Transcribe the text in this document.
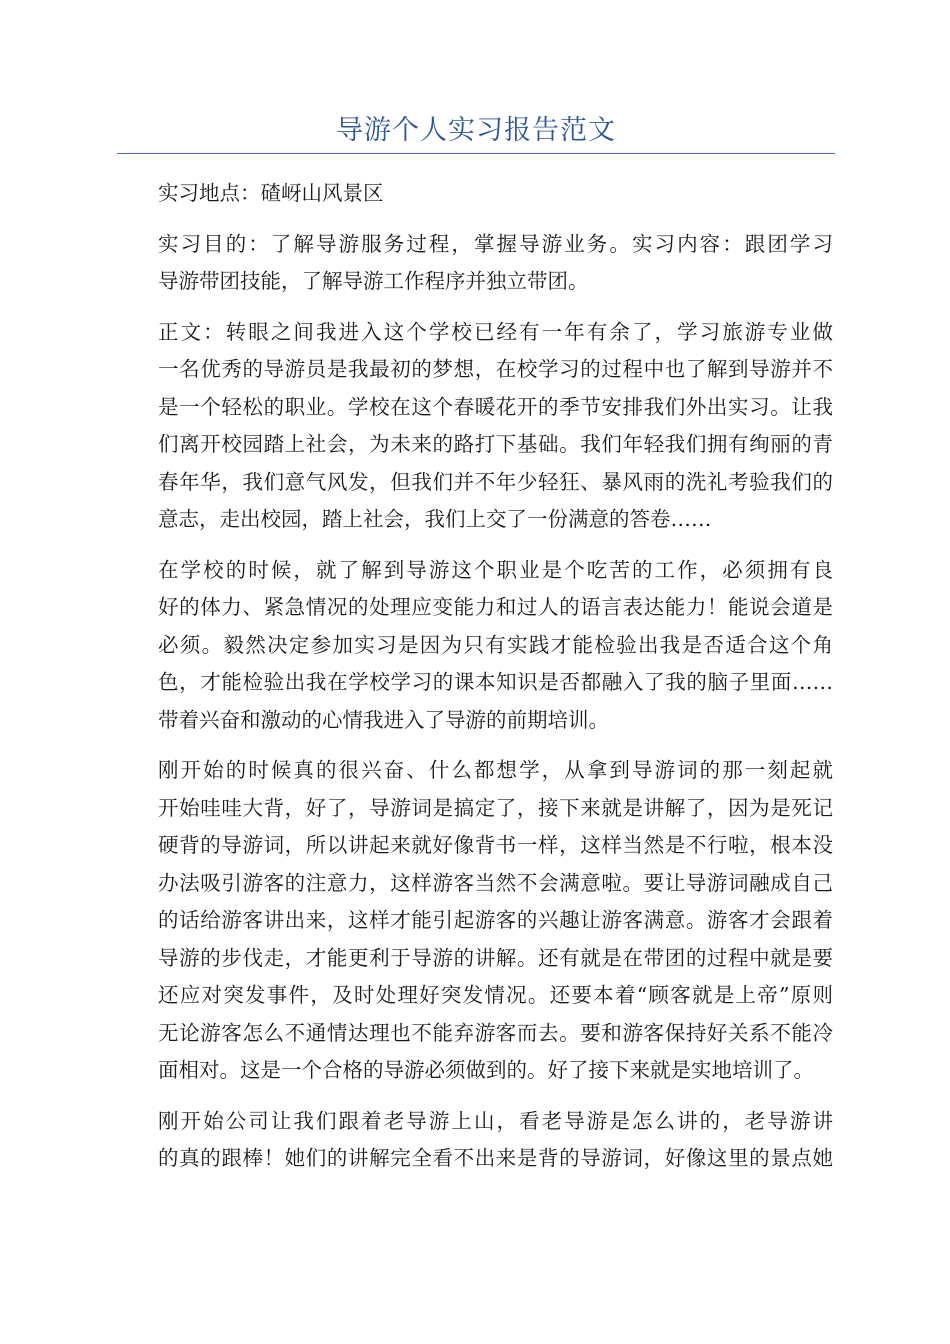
导游个人实习报告范文

实习地点：碴岈山风景区

实习目的：了解导游服务过程，掌握导游业务。实习内容：跟团学习
导游带团技能，了解导游工作程序并独立带团。

正文：转眼之间我进入这个学校已经有一年有余了，学习旅游专业做
一名优秀的导游员是我最初的梦想，在校学习的过程中也了解到导游并不
是一个轻松的职业。学校在这个春暖花开的季节安排我们外出实习。让我
们离开校园踏上社会，为未来的路打下基础。我们年轻我们拥有绚丽的青
春年华，我们意气风发，但我们并不年少轻狂、暴风雨的洗礼考验我们的
意志，走出校园，踏上社会，我们上交了一份满意的答卷……

在学校的时候，就了解到导游这个职业是个吃苦的工作，必须拥有良
好的体力、紧急情况的处理应变能力和过人的语言表达能力！能说会道是
必须。毅然决定参加实习是因为只有实践才能检验出我是否适合这个角
色，才能检验出我在学校学习的课本知识是否都融入了我的脑子里面……
带着兴奋和激动的心情我进入了导游的前期培训。

刚开始的时候真的很兴奋、什么都想学，从拿到导游词的那一刻起就
开始哇哇大背，好了，导游词是搞定了，接下来就是讲解了，因为是死记
硬背的导游词，所以讲起来就好像背书一样，这样当然是不行啦，根本没
办法吸引游客的注意力，这样游客当然不会满意啦。要让导游词融成自己
的话给游客讲出来，这样才能引起游客的兴趣让游客满意。游客才会跟着
导游的步伐走，才能更利于导游的讲解。还有就是在带团的过程中就是要
还应对突发事件，及时处理好突发情况。还要本着“顾客就是上帝”原则
无论游客怎么不通情达理也不能弃游客而去。要和游客保持好关系不能冷
面相对。这是一个合格的导游必须做到的。好了接下来就是实地培训了。

刚开始公司让我们跟着老导游上山，看老导游是怎么讲的，老导游讲
的真的跟棒！她们的讲解完全看不出来是背的导游词，好像这里的景点她
